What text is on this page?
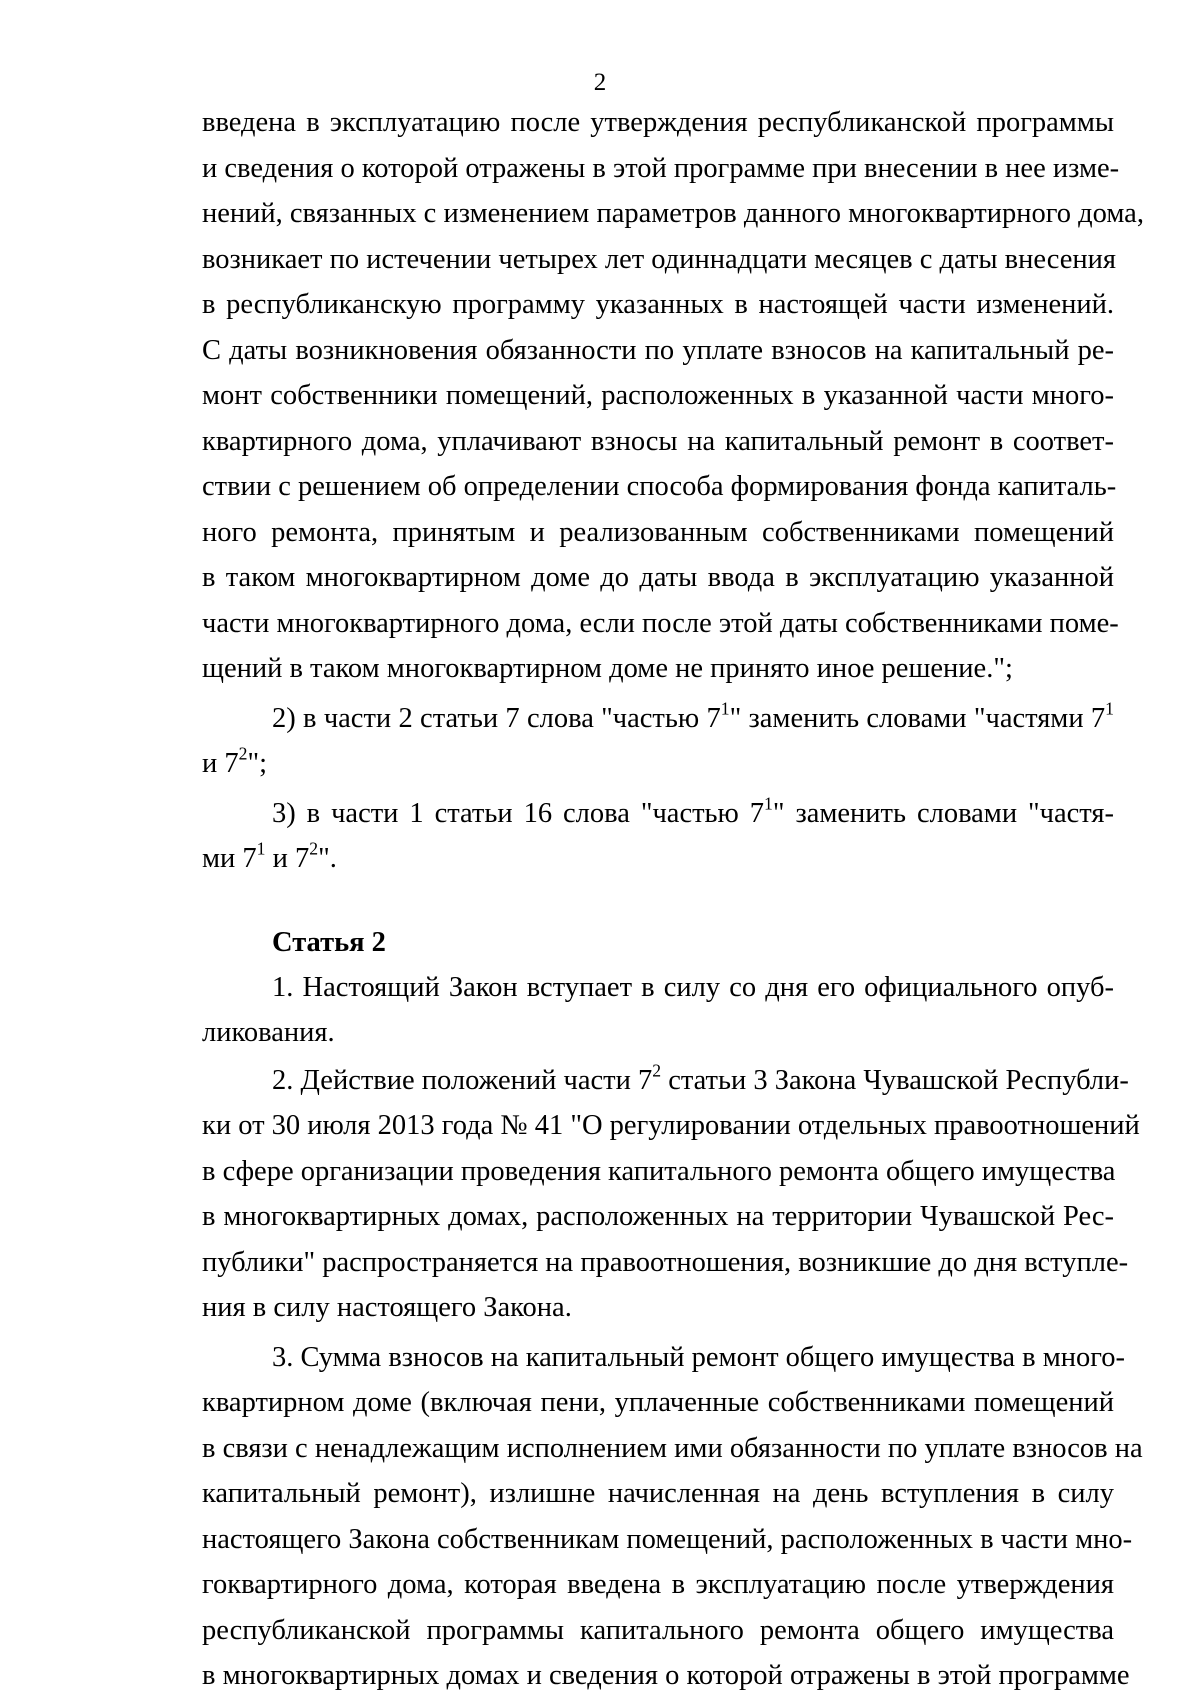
2
введена в эксплуатацию после утверждения республиканской программы
и сведения о которой отражены в этой программе при внесении в нее изме-
нений, связанных с изменением параметров данного многоквартирного дома,
возникает по истечении четырех лет одиннадцати месяцев с даты внесения
в республиканскую программу указанных в настоящей части изменений.
С даты возникновения обязанности по уплате взносов на капитальный ре-
монт собственники помещений, расположенных в указанной части много-
квартирного дома, уплачивают взносы на капитальный ремонт в соответ-
ствии с решением об определении способа формирования фонда капиталь-
ного ремонта, принятым и реализованным собственниками помещений
в таком многоквартирном доме до даты ввода в эксплуатацию указанной
части многоквартирного дома, если после этой даты собственниками поме-
щений в таком многоквартирном доме не принято иное решение.";
2) в части 2 статьи 7 слова "частью $7^1$" заменить словами "частями $7^1$
и $7^2$";
3) в части 1 статьи 16 слова "частью $7^1$" заменить словами "частя-
ми $7^1$ и $7^2$".
Статья 2
1. Настоящий Закон вступает в силу со дня его официального опуб-
ликования.
2. Действие положений части $7^2$ статьи 3 Закона Чувашской Республи-
ки от 30 июля 2013 года № 41 "О регулировании отдельных правоотношений
в сфере организации проведения капитального ремонта общего имущества
в многоквартирных домах, расположенных на территории Чувашской Рес-
публики" распространяется на правоотношения, возникшие до дня вступле-
ния в силу настоящего Закона.
3. Сумма взносов на капитальный ремонт общего имущества в много-
квартирном доме (включая пени, уплаченные собственниками помещений
в связи с ненадлежащим исполнением ими обязанности по уплате взносов на
капитальный ремонт), излишне начисленная на день вступления в силу
настоящего Закона собственникам помещений, расположенных в части мно-
гоквартирного дома, которая введена в эксплуатацию после утверждения
республиканской программы капитального ремонта общего имущества
в многоквартирных домах и сведения о которой отражены в этой программе
